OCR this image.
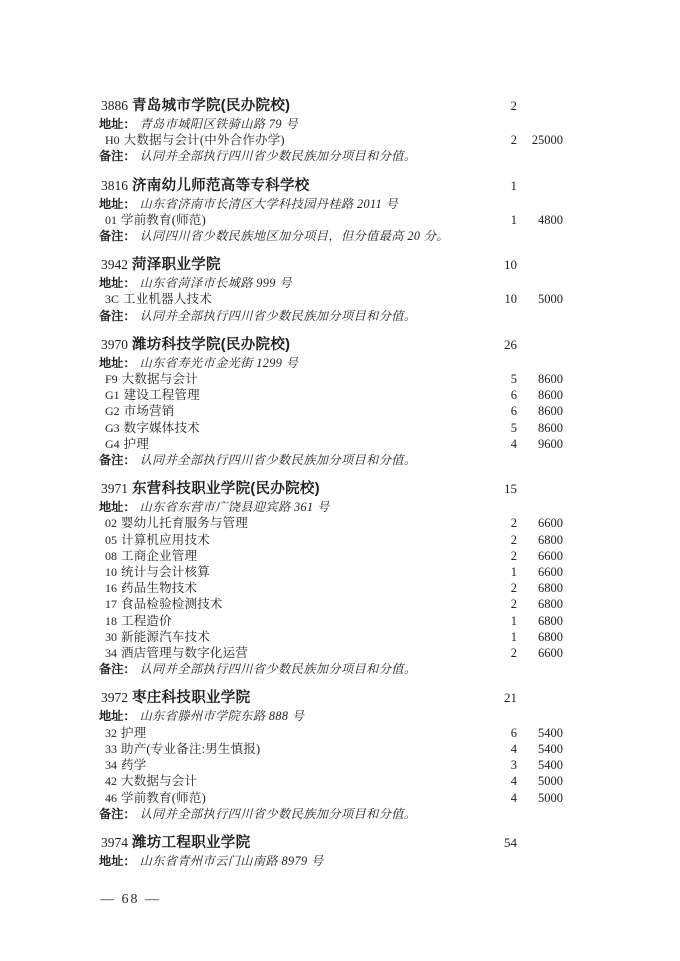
3886 青岛城市学院(民办院校)	2
地址： 青岛市城阳区铁骑山路 79 号
H0 大数据与会计(中外合作办学)	2	25000
备注： 认同并全部执行四川省少数民族加分项目和分值。
3816 济南幼儿师范高等专科学校	1
地址： 山东省济南市长清区大学科技园丹桂路 2011 号
01 学前教育(师范)	1	4800
备注： 认同四川省少数民族地区加分项目，但分值最高 20 分。
3942 菏泽职业学院	10
地址： 山东省菏泽市长城路 999 号
3C 工业机器人技术	10	5000
备注： 认同并全部执行四川省少数民族加分项目和分值。
3970 潍坊科技学院(民办院校)	26
地址： 山东省寿光市金光街 1299 号
F9 大数据与会计	5	8600
G1 建设工程管理	6	8600
G2 市场营销	6	8600
G3 数字媒体技术	5	8600
G4 护理	4	9600
备注： 认同并全部执行四川省少数民族加分项目和分值。
3971 东营科技职业学院(民办院校)	15
地址： 山东省东营市广饶县迎宾路 361 号
02 婴幼儿托育服务与管理	2	6600
05 计算机应用技术	2	6800
08 工商企业管理	2	6600
10 统计与会计核算	1	6600
16 药品生物技术	2	6800
17 食品检验检测技术	2	6800
18 工程造价	1	6800
30 新能源汽车技术	1	6800
34 酒店管理与数字化运营	2	6600
备注： 认同并全部执行四川省少数民族加分项目和分值。
3972 枣庄科技职业学院	21
地址： 山东省滕州市学院东路 888 号
32 护理	6	5400
33 助产(专业备注:男生慎报)	4	5400
34 药学	3	5400
42 大数据与会计	4	5000
46 学前教育(师范)	4	5000
备注： 认同并全部执行四川省少数民族加分项目和分值。
3974 潍坊工程职业学院	54
地址： 山东省青州市云门山南路 8979 号
— 68 —
